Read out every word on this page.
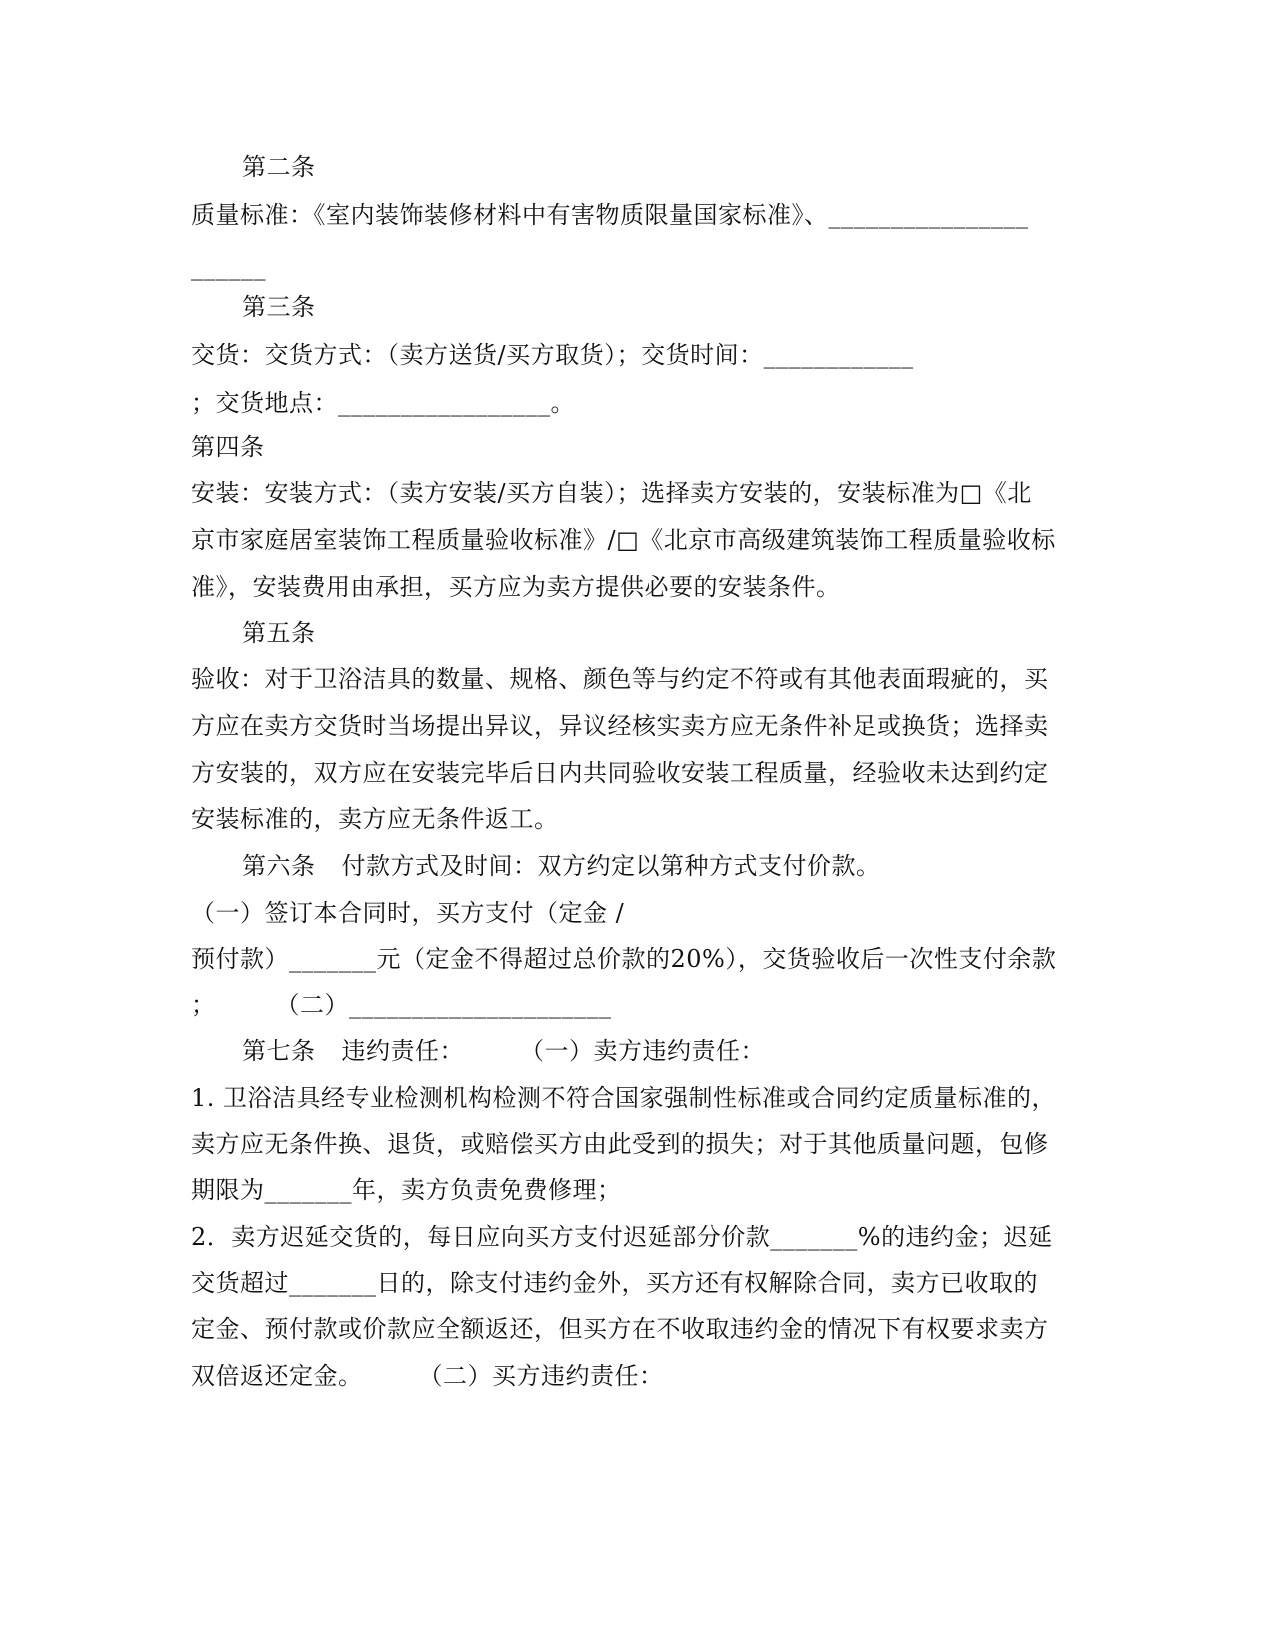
第二条
质量标准：《室内装饰装修材料中有害物质限量国家标准》、________________
______
第三条
交货：交货方式：（卖方送货/买方取货）；交货时间：____________
；交货地点：_________________。
第四条
安装：安装方式：（卖方安装/买方自装）；选择卖方安装的，安装标准为□《北
京市家庭居室装饰工程质量验收标准》/□《北京市高级建筑装饰工程质量验收标
准》，安装费用由承担，买方应为卖方提供必要的安装条件。
第五条
验收：对于卫浴洁具的数量、规格、颜色等与约定不符或有其他表面瑕疵的，买
方应在卖方交货时当场提出异议，异议经核实卖方应无条件补足或换货；选择卖
方安装的，双方应在安装完毕后日内共同验收安装工程质量，经验收未达到约定
安装标准的，卖方应无条件返工。
第六条 付款方式及时间：双方约定以第种方式支付价款。
（一）签订本合同时，买方支付（定金 /
预付款）_______元（定金不得超过总价款的20%），交货验收后一次性支付余款
；	（二）_____________________
第七条 违约责任： （一）卖方违约责任：
1. 卫浴洁具经专业检测机构检测不符合国家强制性标准或合同约定质量标准的，
卖方应无条件换、退货，或赔偿买方由此受到的损失；对于其他质量问题，包修
期限为_______年，卖方负责免费修理；
2．卖方迟延交货的，每日应向买方支付迟延部分价款_______%的违约金；迟延
交货超过_______日的，除支付违约金外，买方还有权解除合同，卖方已收取的
定金、预付款或价款应全额返还，但买方在不收取违约金的情况下有权要求卖方
双倍返还定金。 （二）买方违约责任：
